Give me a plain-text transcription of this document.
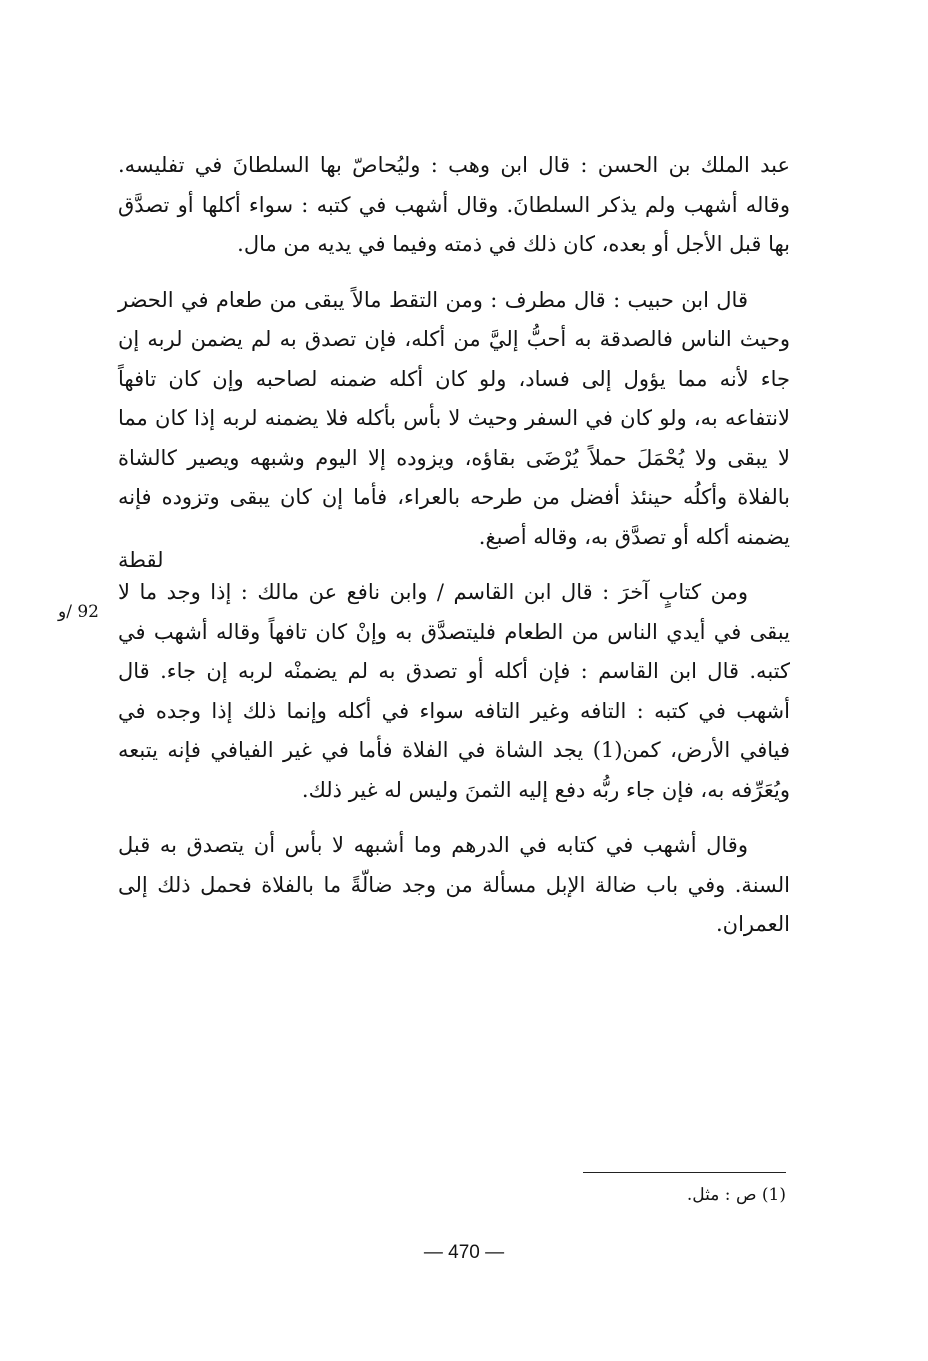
عبد الملك بن الحسن : قال ابن وهب : وليُحاصّ بها السلطانَ في تفليسه. وقاله أشهب ولم يذكر السلطانَ. وقال أشهب في كتبه : سواء أكلها أو تصدَّق بها قبل الأجل أو بعده، كان ذلك في ذمته وفيما في يديه من مال.

قال ابن حبيب : قال مطرف : ومن التقط مالاً يبقى من طعام في الحضر وحيث الناس فالصدقة به أحبُّ إليَّ من أكله، فإن تصدق به لم يضمن لربه إن جاء لأنه مما يؤول إلى فساد، ولو كان أكله ضمنه لصاحبه وإن كان تافهاً لانتفاعه به، ولو كان في السفر وحيث لا بأس بأكله فلا يضمنه لربه إذا كان مما لا يبقى ولا يُحْمَلَ حملاً يُرْضَى بقاؤه، ويزوده إلا اليوم وشبهه ويصير كالشاة بالفلاة وأكلُه حينئذ أفضل من طرحه بالعراء، فأما إن كان يبقى وتزوده فإنه يضمنه أكله أو تصدَّق به، وقاله أصبغ.

ومن كتابٍ آخرَ : قال ابن القاسم / وابن نافع عن مالك : إذا وجد ما لا يبقى في أيدي الناس من الطعام فليتصدَّق به وإنْ كان تافهاً وقاله أشهب في كتبه. قال ابن القاسم : فإن أكله أو تصدق به لم يضمنْه لربه إن جاء. قال أشهب في كتبه : التافه وغير التافه سواء في أكله وإنما ذلك إذا وجده في فيافي الأرض، كمن(1) يجد الشاة في الفلاة فأما في غير الفيافي فإنه يتبعه ويُعَرِّفه به، فإن جاء ربُّه دفع إليه الثمنَ وليس له غير ذلك.

وقال أشهب في كتابه في الدرهم وما أشبهه لا بأس أن يتصدق به قبل السنة. وفي باب ضالة الإبل مسألة من وجد ضالّةً ما بالفلاة فحمل ذلك إلى العمران.

لقطة
92 /و
(1) ص : مثل.
— 470 —
